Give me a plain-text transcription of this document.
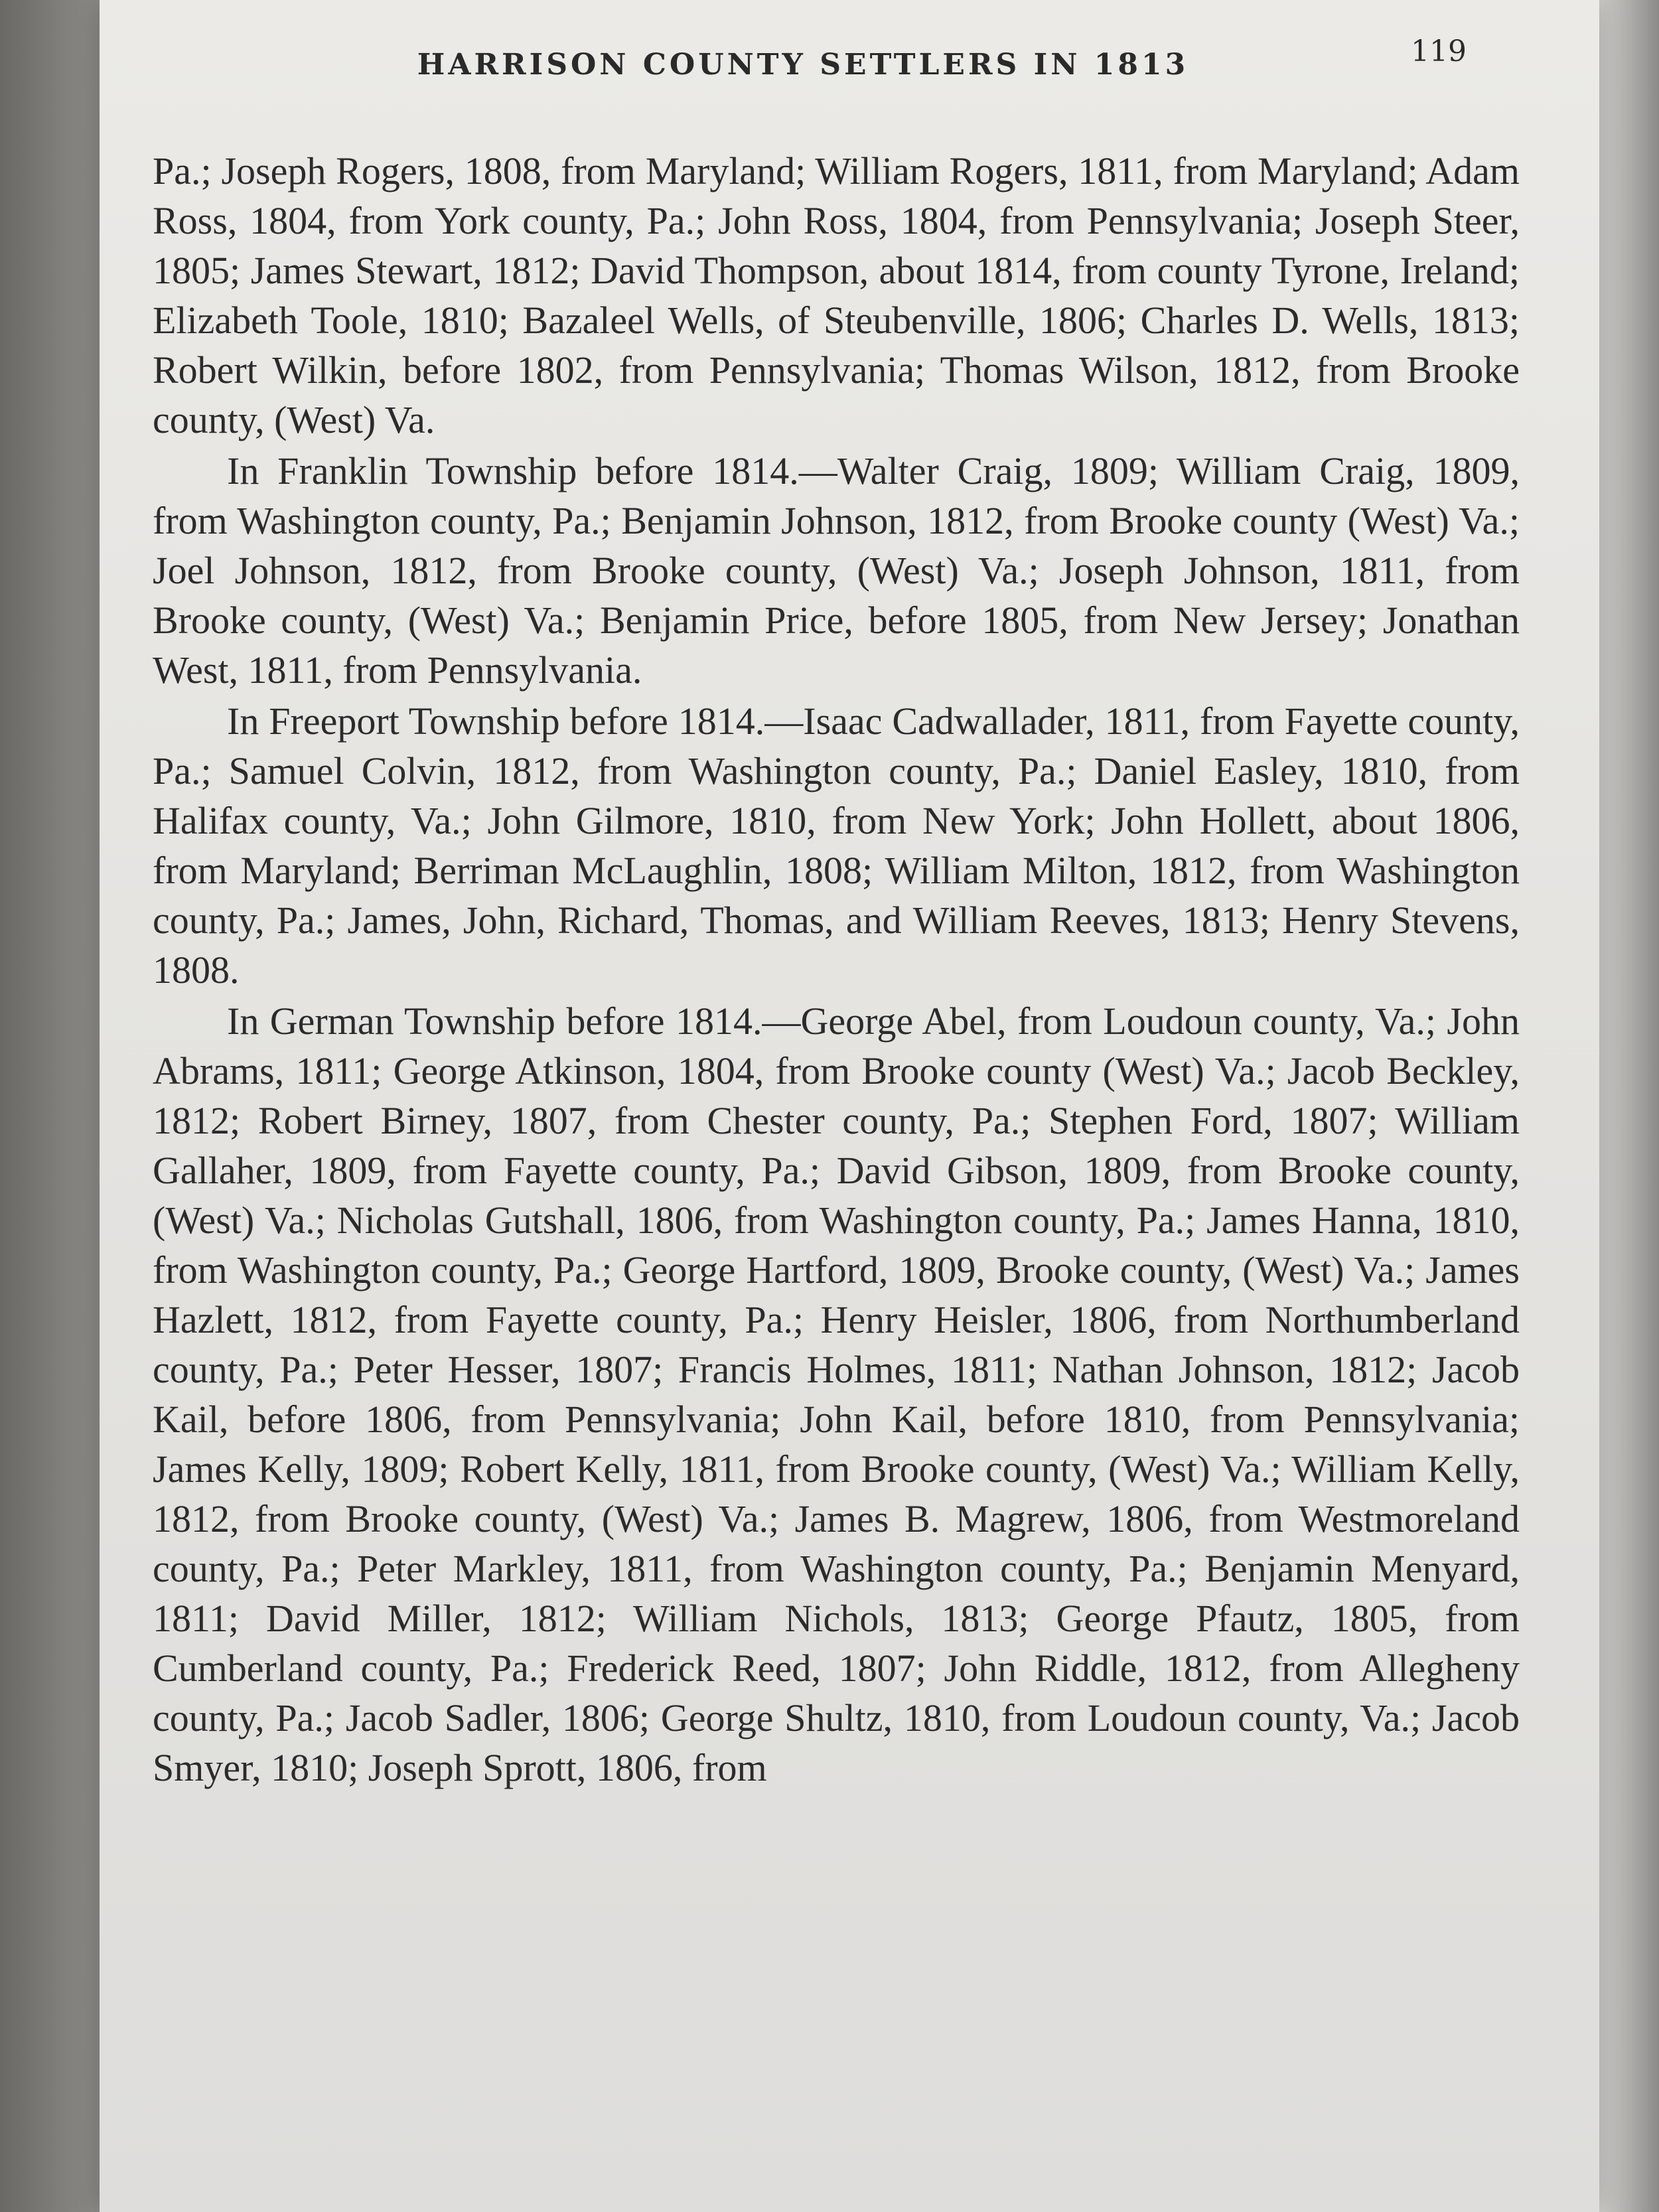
HARRISON COUNTY SETTLERS IN 1813	119

Pa.; Joseph Rogers, 1808, from Maryland; William Rogers, 1811, from Maryland; Adam Ross, 1804, from York county, Pa.; John Ross, 1804, from Pennsylvania; Joseph Steer, 1805; James Stewart, 1812; David Thompson, about 1814, from county Tyrone, Ireland; Elizabeth Toole, 1810; Bazaleel Wells, of Steubenville, 1806; Charles D. Wells, 1813; Robert Wilkin, before 1802, from Pennsylvania; Thomas Wilson, 1812, from Brooke county, (West) Va.

In Franklin Township before 1814.—Walter Craig, 1809; William Craig, 1809, from Washington county, Pa.; Benjamin Johnson, 1812, from Brooke county (West) Va.; Joel Johnson, 1812, from Brooke county, (West) Va.; Joseph Johnson, 1811, from Brooke county, (West) Va.; Benjamin Price, before 1805, from New Jersey; Jonathan West, 1811, from Pennsylvania.

In Freeport Township before 1814.—Isaac Cadwallader, 1811, from Fayette county, Pa.; Samuel Colvin, 1812, from Washington county, Pa.; Daniel Easley, 1810, from Halifax county, Va.; John Gilmore, 1810, from New York; John Hollett, about 1806, from Maryland; Berriman McLaughlin, 1808; William Milton, 1812, from Washington county, Pa.; James, John, Richard, Thomas, and William Reeves, 1813; Henry Stevens, 1808.

In German Township before 1814.—George Abel, from Loudoun county, Va.; John Abrams, 1811; George Atkinson, 1804, from Brooke county (West) Va.; Jacob Beckley, 1812; Robert Birney, 1807, from Chester county, Pa.; Stephen Ford, 1807; William Gallaher, 1809, from Fayette county, Pa.; David Gibson, 1809, from Brooke county, (West) Va.; Nicholas Gutshall, 1806, from Washington county, Pa.; James Hanna, 1810, from Washington county, Pa.; George Hartford, 1809, Brooke county, (West) Va.; James Hazlett, 1812, from Fayette county, Pa.; Henry Heisler, 1806, from Northumberland county, Pa.; Peter Hesser, 1807; Francis Holmes, 1811; Nathan Johnson, 1812; Jacob Kail, before 1806, from Pennsylvania; John Kail, before 1810, from Pennsylvania; James Kelly, 1809; Robert Kelly, 1811, from Brooke county, (West) Va.; William Kelly, 1812, from Brooke county, (West) Va.; James B. Magrew, 1806, from Westmoreland county, Pa.; Peter Markley, 1811, from Washington county, Pa.; Benjamin Menyard, 1811; David Miller, 1812; William Nichols, 1813; George Pfautz, 1805, from Cumberland county, Pa.; Frederick Reed, 1807; John Riddle, 1812, from Allegheny county, Pa.; Jacob Sadler, 1806; George Shultz, 1810, from Loudoun county, Va.; Jacob Smyer, 1810; Joseph Sprott, 1806, from
